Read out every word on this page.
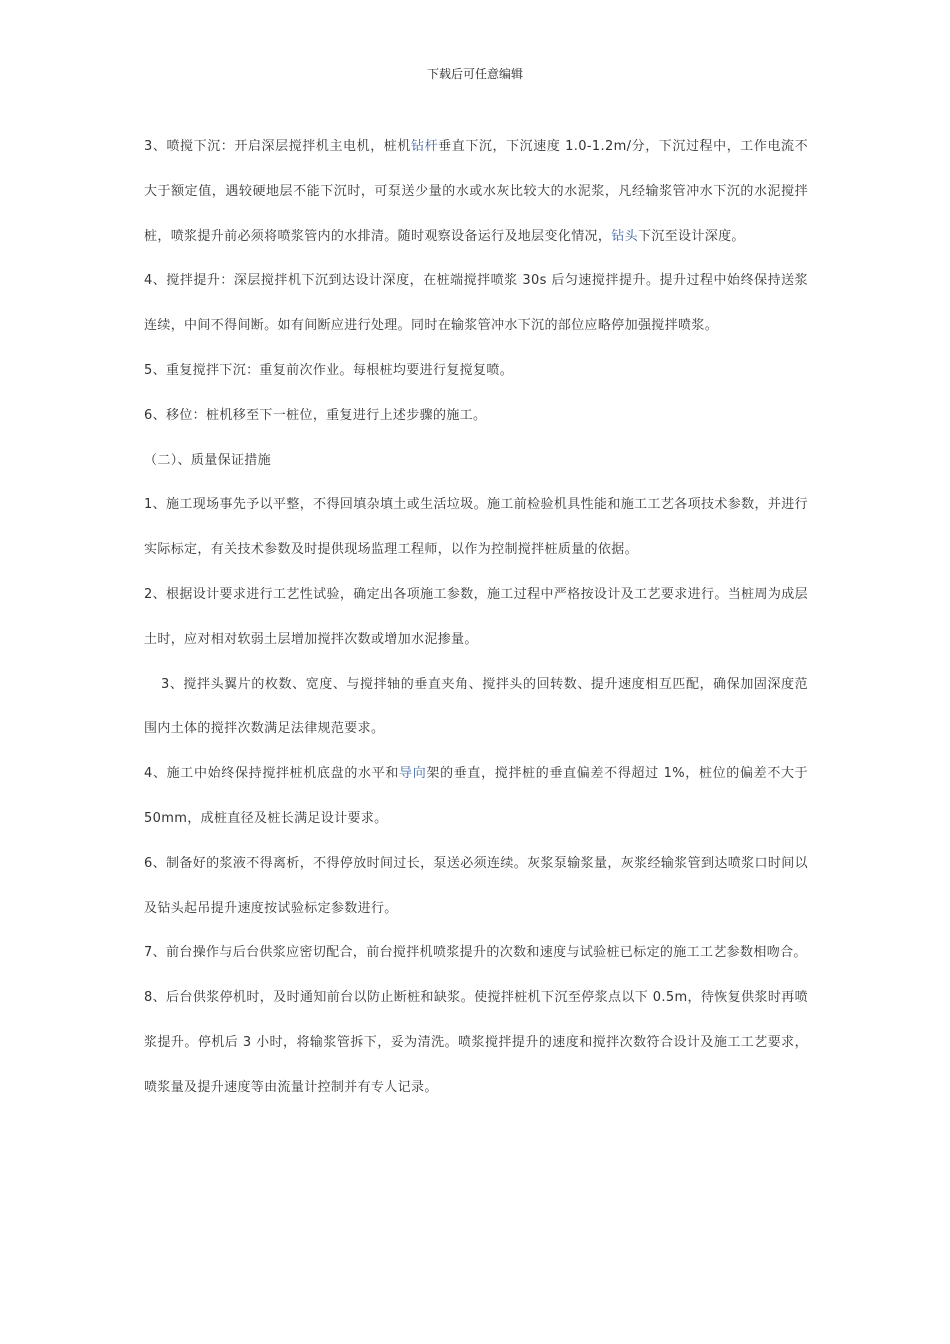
下载后可任意编辑

3、喷搅下沉：开启深层搅拌机主电机，桩机钻杆垂直下沉，下沉速度 1.0-1.2m/分，下沉过程中，工作电流不大于额定值，遇较硬地层不能下沉时，可泵送少量的水或水灰比较大的水泥浆，凡经输浆管冲水下沉的水泥搅拌桩，喷浆提升前必须将喷浆管内的水排清。随时观察设备运行及地层变化情况，钻头下沉至设计深度。

4、搅拌提升：深层搅拌机下沉到达设计深度，在桩端搅拌喷浆 30s 后匀速搅拌提升。提升过程中始终保持送浆连续，中间不得间断。如有间断应进行处理。同时在输浆管冲水下沉的部位应略停加强搅拌喷浆。

5、重复搅拌下沉：重复前次作业。每根桩均要进行复搅复喷。

6、移位：桩机移至下一桩位，重复进行上述步骤的施工。

（二）、质量保证措施

1、施工现场事先予以平整，不得回填杂填土或生活垃圾。施工前检验机具性能和施工工艺各项技术参数，并进行实际标定，有关技术参数及时提供现场监理工程师，以作为控制搅拌桩质量的依据。

2、根据设计要求进行工艺性试验，确定出各项施工参数，施工过程中严格按设计及工艺要求进行。当桩周为成层土时，应对相对软弱土层增加搅拌次数或增加水泥掺量。

3、搅拌头翼片的枚数、宽度、与搅拌轴的垂直夹角、搅拌头的回转数、提升速度相互匹配，确保加固深度范围内土体的搅拌次数满足法律规范要求。

4、施工中始终保持搅拌桩机底盘的水平和导向架的垂直，搅拌桩的垂直偏差不得超过 1%，桩位的偏差不大于 50mm，成桩直径及桩长满足设计要求。

6、制备好的浆液不得离析，不得停放时间过长，泵送必须连续。灰浆泵输浆量，灰浆经输浆管到达喷浆口时间以及钻头起吊提升速度按试验标定参数进行。

7、前台操作与后台供浆应密切配合，前台搅拌机喷浆提升的次数和速度与试验桩已标定的施工工艺参数相吻合。

8、后台供浆停机时，及时通知前台以防止断桩和缺浆。使搅拌桩机下沉至停浆点以下 0.5m，待恢复供浆时再喷浆提升。停机后 3 小时，将输浆管拆下，妥为清洗。喷浆搅拌提升的速度和搅拌次数符合设计及施工工艺要求，喷浆量及提升速度等由流量计控制并有专人记录。
